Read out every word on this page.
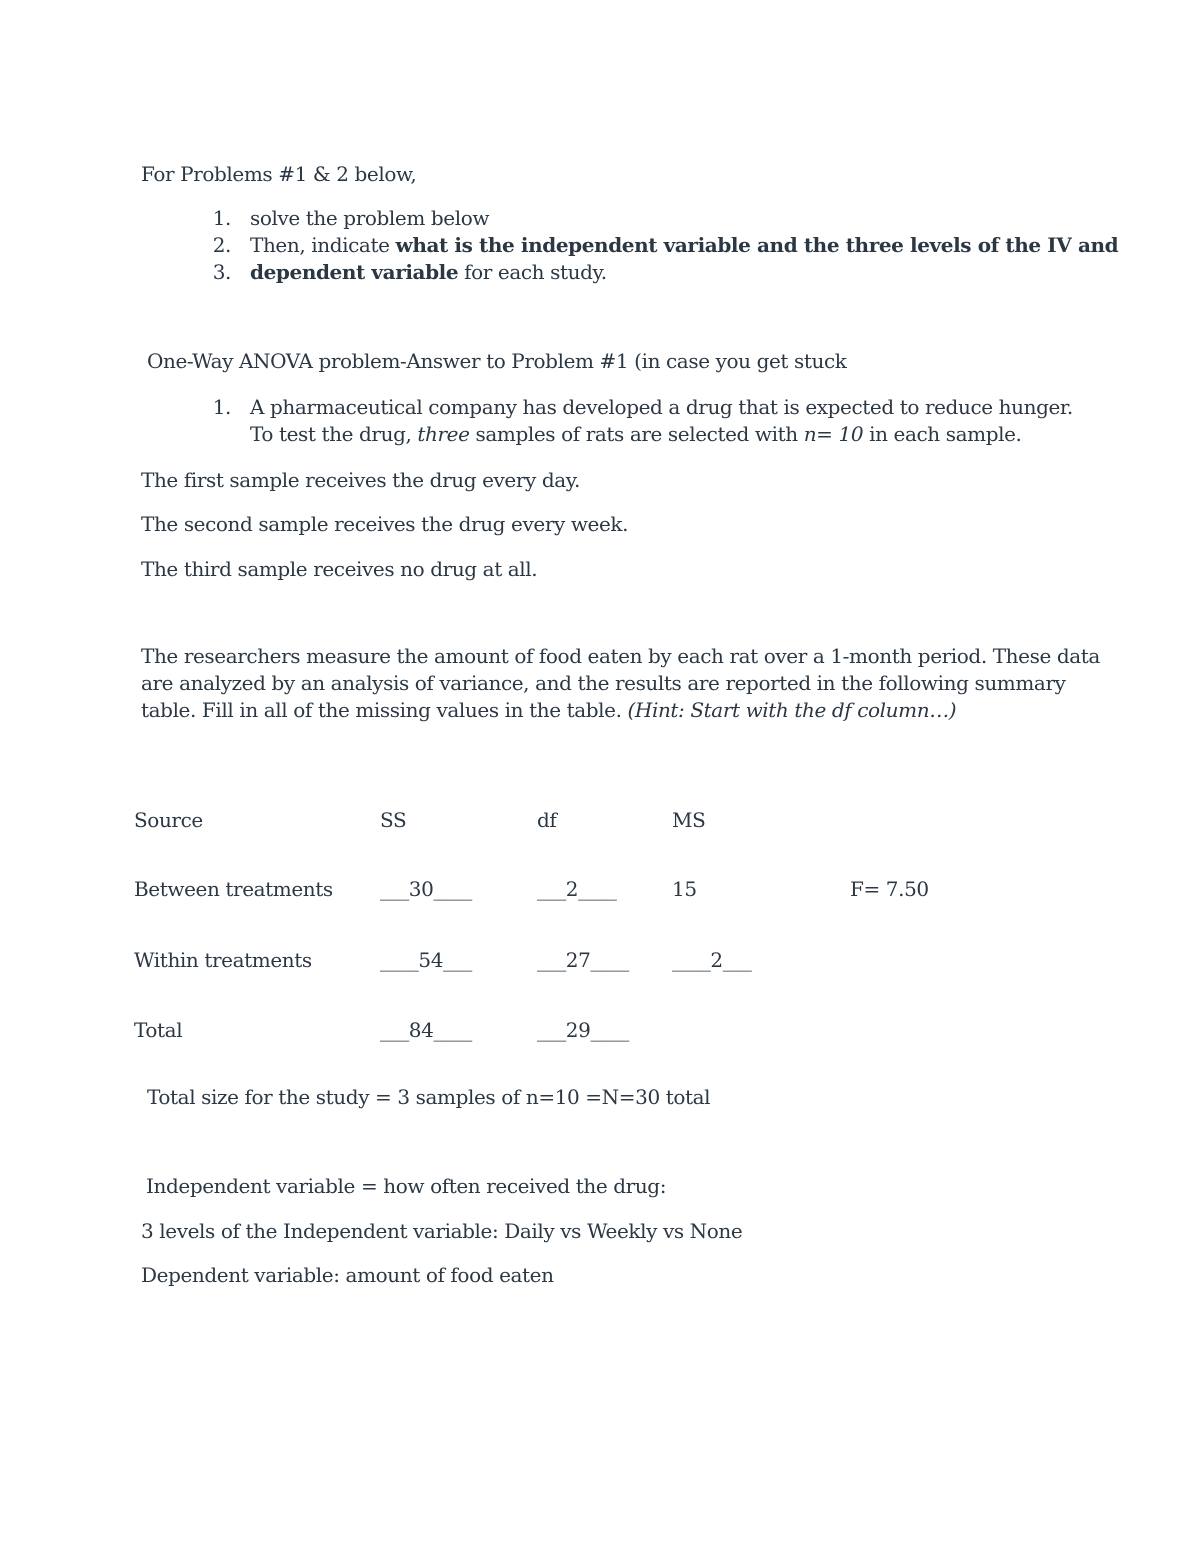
For Problems #1 & 2 below,
1. solve the problem below
2. Then, indicate what is the independent variable and the three levels of the IV and
3. dependent variable for each study.
One-Way ANOVA problem-Answer to Problem #1 (in case you get stuck
1. A pharmaceutical company has developed a drug that is expected to reduce hunger.
To test the drug, three samples of rats are selected with n= 10 in each sample.
The first sample receives the drug every day.
The second sample receives the drug every week.
The third sample receives no drug at all.
The researchers measure the amount of food eaten by each rat over a 1-month period. These data
are analyzed by an analysis of variance, and the results are reported in the following summary
table. Fill in all of the missing values in the table. (Hint: Start with the df column…)
Source	SS	df	MS
Between treatments ___30____	___2____	15	F= 7.50
Within treatments	____54___	___27____ ____2___
Total	___84____	___29____
Total size for the study = 3 samples of n=10 =N=30 total
Independent variable = how often received the drug:
3 levels of the Independent variable: Daily vs Weekly vs None
Dependent variable: amount of food eaten
